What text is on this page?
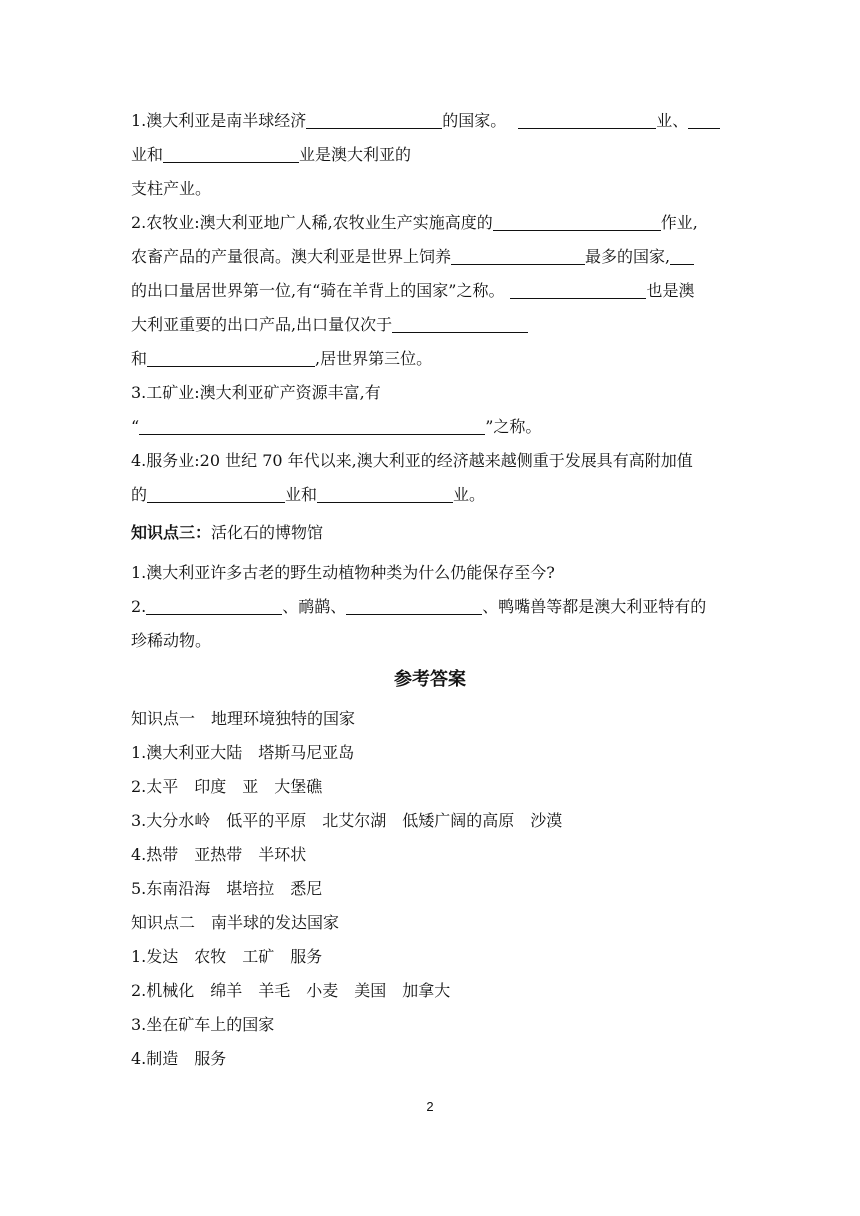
1.澳大利亚是南半球经济	的国家。	业、
业和	业是澳大利亚的
支柱产业。
2.农牧业:澳大利亚地广人稀,农牧业生产实施高度的	作业,
农畜产品的产量很高。澳大利亚是世界上饲养	最多的国家,
的出口量居世界第一位,有“骑在羊背上的国家”之称。	也是澳
大利亚重要的出口产品,出口量仅次于
和	,居世界第三位。
3.工矿业:澳大利亚矿产资源丰富,有
“	”之称。
4.服务业:20 世纪 70 年代以来,澳大利亚的经济越来越侧重于发展具有高附加值
的	业和	业。
知识点三：活化石的博物馆
1.澳大利亚许多古老的野生动植物种类为什么仍能保存至今?
2.	、鸸鹋、	、鸭嘴兽等都是澳大利亚特有的
珍稀动物。
参考答案
知识点一　地理环境独特的国家
1.澳大利亚大陆　塔斯马尼亚岛
2.太平　印度　亚　大堡礁
3.大分水岭　低平的平原　北艾尔湖　低矮广阔的高原　沙漠
4.热带　亚热带　半环状
5.东南沿海　堪培拉　悉尼
知识点二　南半球的发达国家
1.发达　农牧　工矿　服务
2.机械化　绵羊　羊毛　小麦　美国　加拿大
3.坐在矿车上的国家
4.制造　服务
2
